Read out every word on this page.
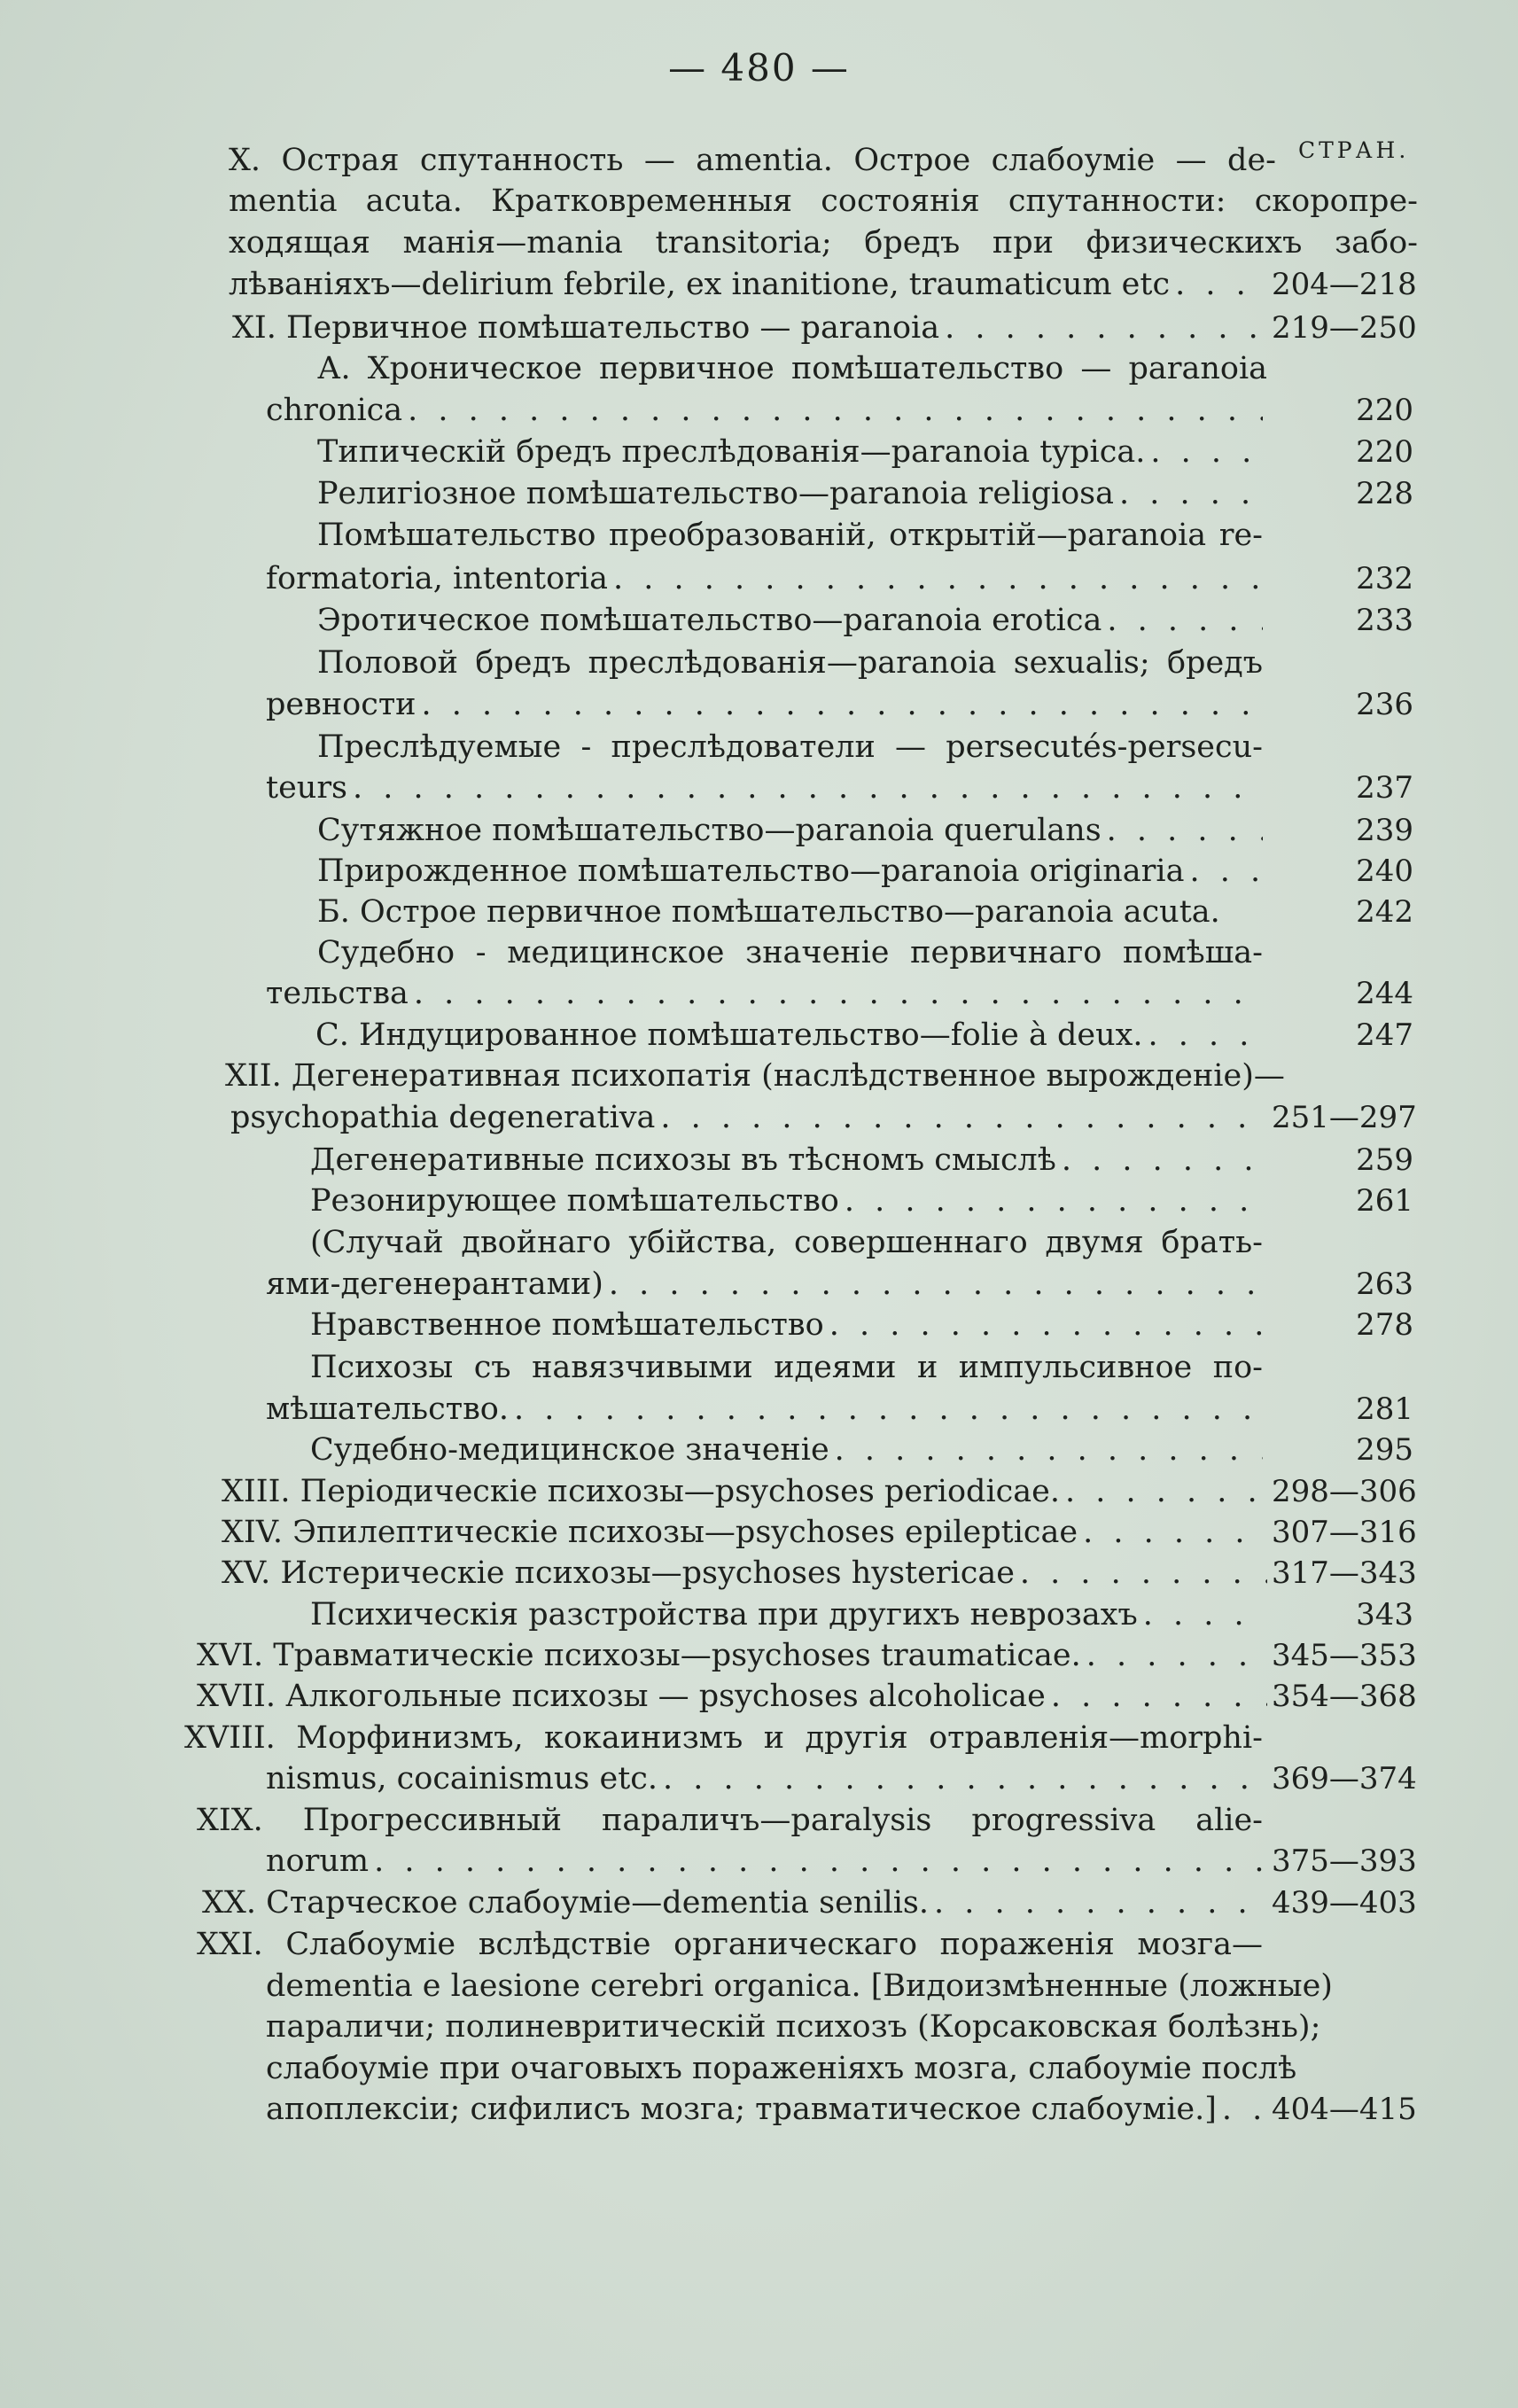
— 480 —
СТРАН.
X. Острая спутанность — amentia. Острое слабоуміе — de-
mentia acuta. Кратковременныя состоянія спутанности: скоропре-
ходящая манія—mania transitoria; бредъ при физическихъ забо-
лѣваніяхъ—delirium febrile, ex inanitione, traumaticum etc . . .	204—218
XI. Первичное помѣшательство — paranoia . . .	219—250
А. Хроническое первичное помѣшательство — paranoia
chronica . . .	220
Типическій бредъ преслѣдованія—paranoia typica. . . .	220
Религіозное помѣшательство—paranoia religiosa . . .	228
Помѣшательство преобразованій, открытій—paranoia re-
formatoria, intentoria . . .	232
Эротическое помѣшательство—paranoia erotica . . .	233
Половой бредъ преслѣдованія—paranoia sexualis; бредъ
ревности . . .	236
Преслѣдуемые - преслѣдователи — persecutés-persecu-
teurs . . .	237
Сутяжное помѣшательство—paranoia querulans . . .	239
Прирожденное помѣшательство—paranoia originaria . . .	240
Б. Острое первичное помѣшательство—paranoia acuta.	242
Судебно - медицинское значеніе первичнаго помѣша-
тельства . . .	244
С. Индуцированное помѣшательство—folie à deux. . . .	247
XII. Дегенеративная психопатія (наслѣдственное вырожденіе)—
psychopathia degenerativa . . .	251—297
Дегенеративные психозы въ тѣсномъ смыслѣ . . .	259
Резонирующее помѣшательство . . .	261
(Случай двойнаго убійства, совершеннаго двумя брать-
ями-дегенерантами) . . .	263
Нравственное помѣшательство . . .	278
Психозы съ навязчивыми идеями и импульсивное по-
мѣшательство. . . .	281
Судебно-медицинское значеніе . . .	295
XIII. Періодическіе психозы—psychoses periodicae. . . .	298—306
XIV. Эпилептическіе психозы—psychoses epilepticae . . .	307—316
XV. Истерическіе психозы—psychoses hystericae . . .	317—343
Психическія разстройства при другихъ неврозахъ . . .	343
XVI. Травматическіе психозы—psychoses traumaticae. . . .	345—353
XVII. Алкогольные психозы — psychoses alcoholicae . . .	354—368
XVIII. Морфинизмъ, кокаинизмъ и другія отравленія—morphi-
nismus, cocainismus etc. . . .	369—374
XIX. Прогрессивный параличъ—paralysis progressiva alie-
norum . . .	375—393
XX. Старческое слабоуміе—dementia senilis. . . .	439—403
XXI. Слабоуміе вслѣдствіе органическаго пораженія мозга—
dementia e laesione cerebri organica. [Видоизмѣненные (ложные)
параличи; полиневритическій психозъ (Корсаковская болѣзнь);
слабоуміе при очаговыхъ пораженіяхъ мозга, слабоуміе послѣ
апоплексіи; сифилисъ мозга; травматическое слабоуміе.] . . . 404—415
